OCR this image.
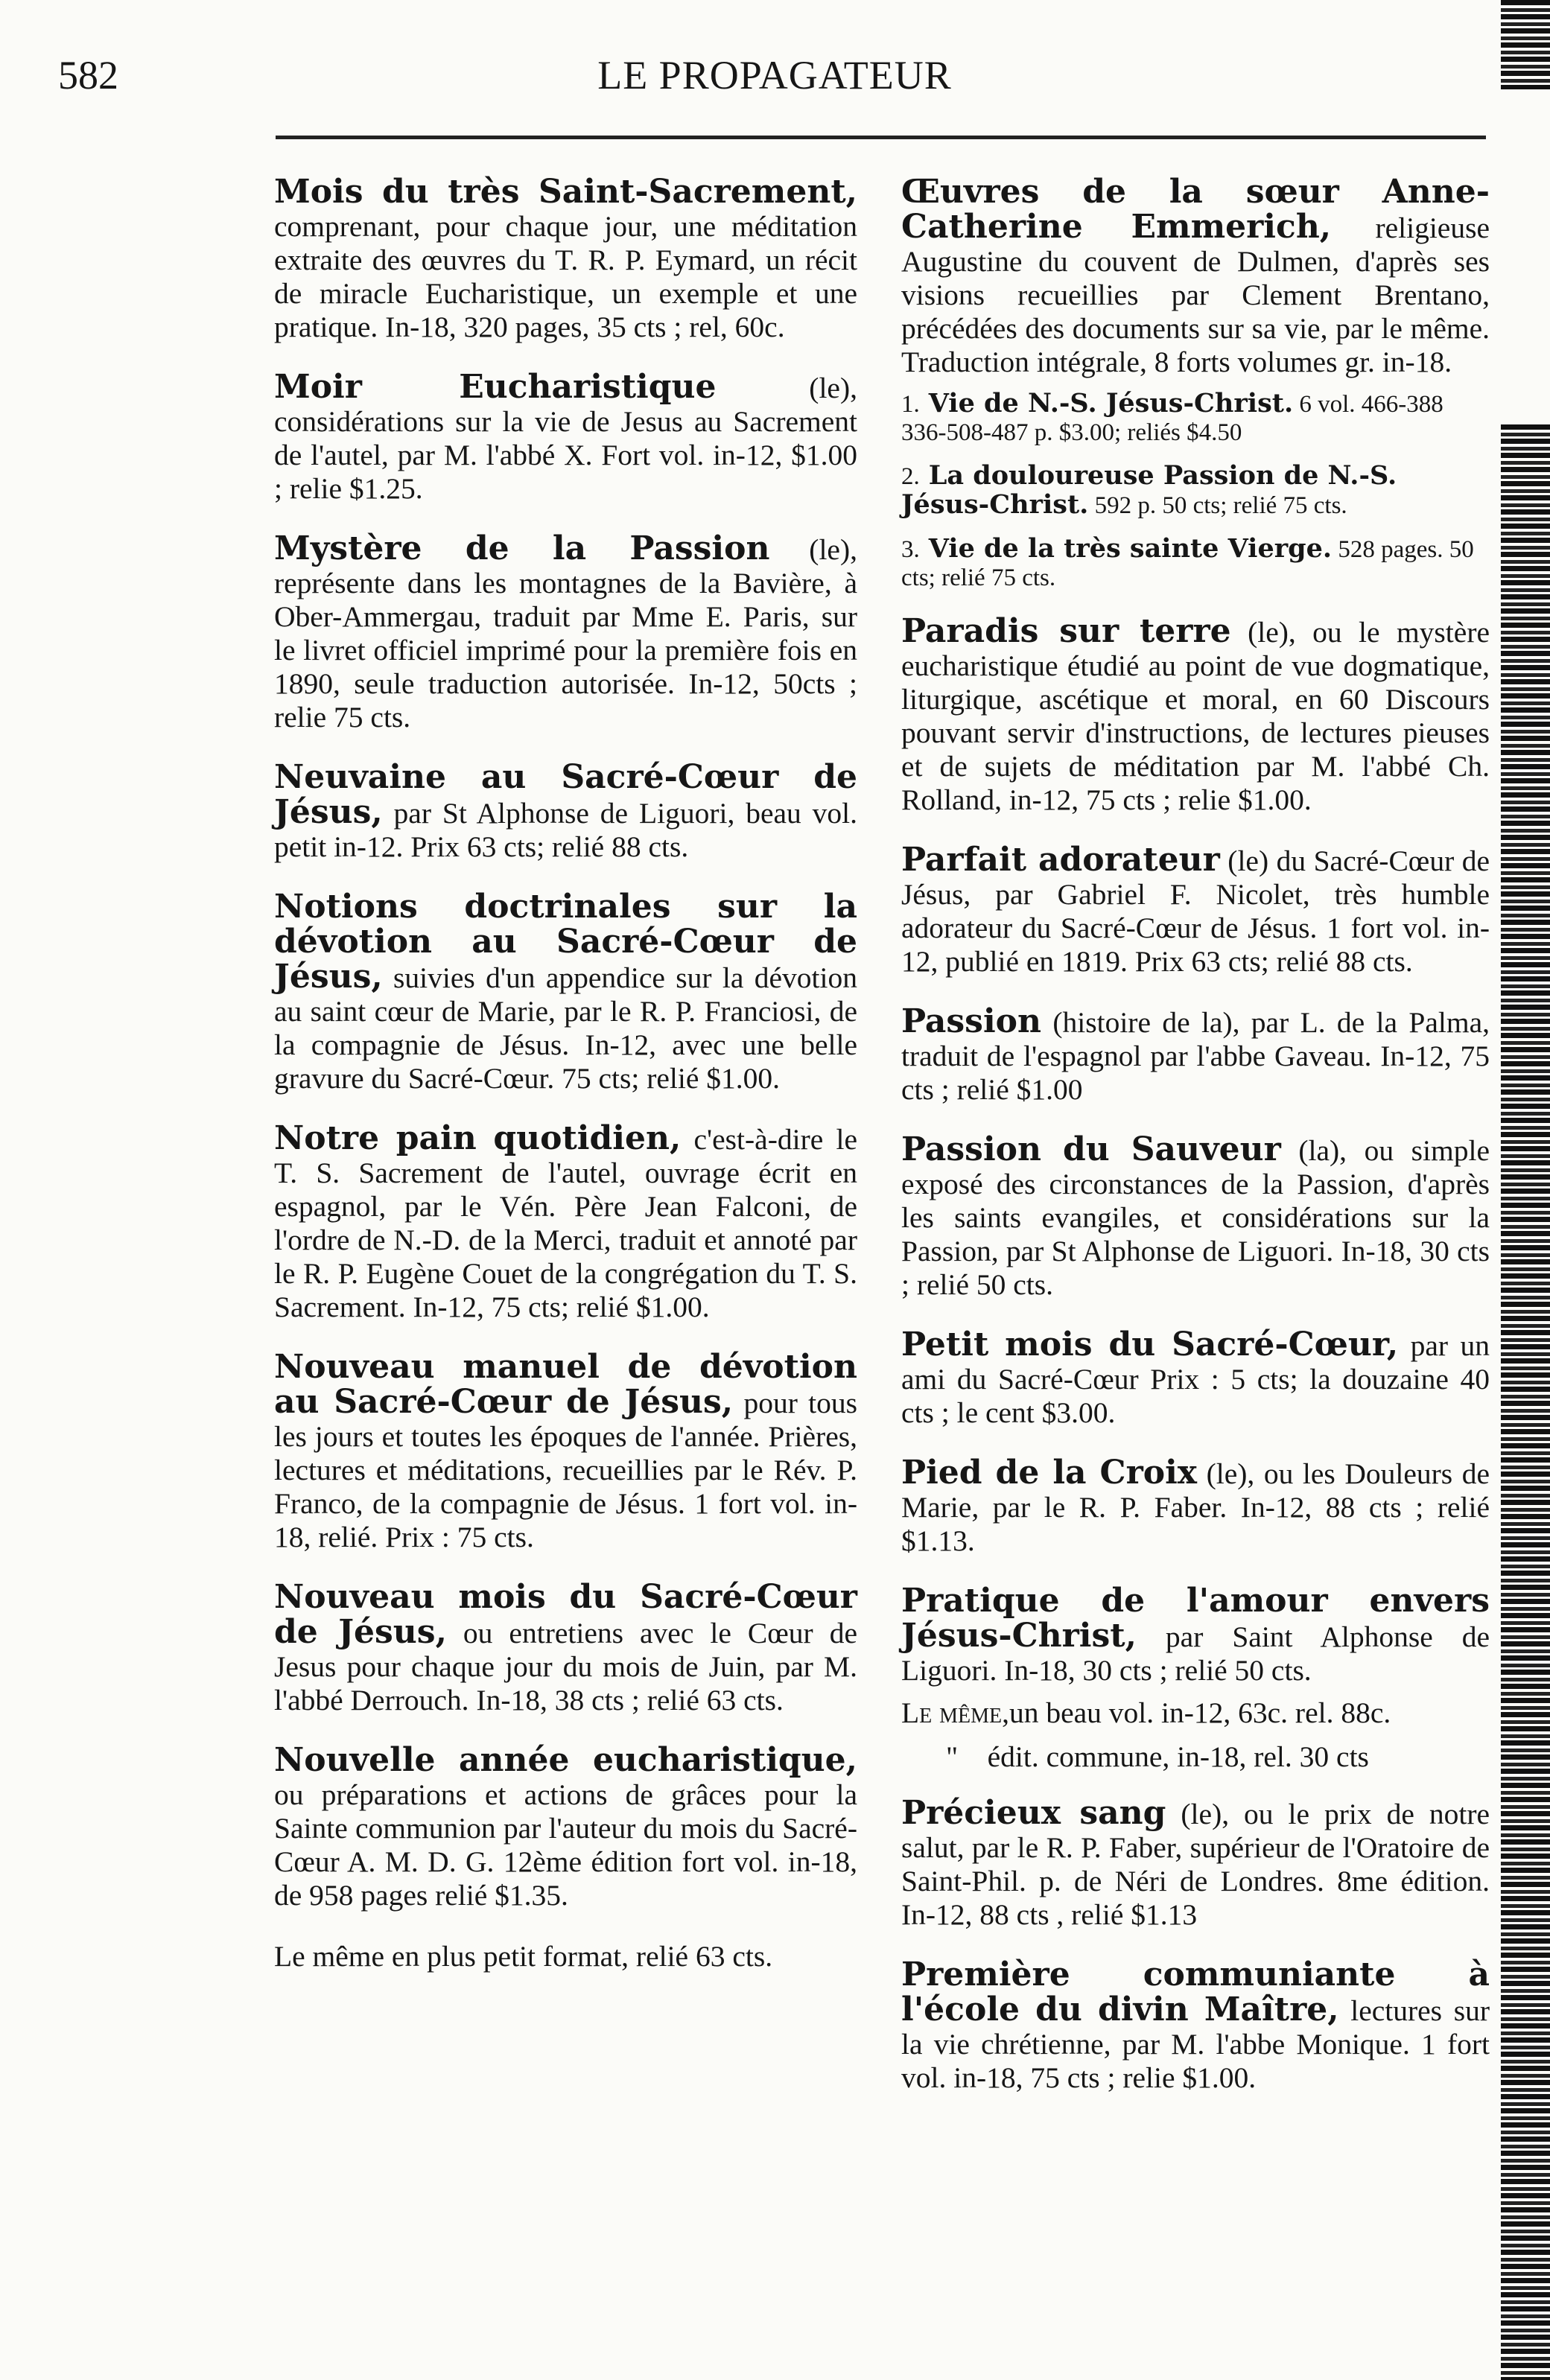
582	LE PROPAGATEUR

Mois du très Saint-Sacrement, comprenant, pour chaque jour, une méditation extraite des œuvres du T. R. P. Eymard, un récit de miracle Eucharistique, un exemple et une pratique. In-18, 320 pages, 35 cts ; rel, 60c.

Moir Eucharistique (le), considérations sur la vie de Jesus au Sacrement de l'autel, par M. l'abbé X. Fort vol. in-12, $1.00 ; relie $1.25.

Mystère de la Passion (le), représente dans les montagnes de la Bavière, à Ober-Ammergau, traduit par Mme E. Paris, sur le livret officiel imprimé pour la première fois en 1890, seule traduction autorisée. In-12, 50cts ; relie 75 cts.

Neuvaine au Sacré-Cœur de Jésus, par St Alphonse de Liguori, beau vol. petit in-12. Prix 63 cts; relié 88 cts.

Notions doctrinales sur la dévotion au Sacré-Cœur de Jésus, suivies d'un appendice sur la dévotion au saint cœur de Marie, par le R. P. Franciosi, de la compagnie de Jésus. In-12, avec une belle gravure du Sacré-Cœur. 75 cts; relié $1.00.

Notre pain quotidien, c'est-à-dire le T. S. Sacrement de l'autel, ouvrage écrit en espagnol, par le Vén. Père Jean Falconi, de l'ordre de N.-D. de la Merci, traduit et annoté par le R. P. Eugène Couet de la congrégation du T. S. Sacrement. In-12, 75 cts; relié $1.00.

Nouveau manuel de dévotion au Sacré-Cœur de Jésus, pour tous les jours et toutes les époques de l'année. Prières, lectures et méditations, recueillies par le Rév. P. Franco, de la compagnie de Jésus. 1 fort vol. in-18, relié. Prix : 75 cts.

Nouveau mois du Sacré-Cœur de Jésus, ou entretiens avec le Cœur de Jesus pour chaque jour du mois de Juin, par M. l'abbé Derrouch. In-18, 38 cts ; relié 63 cts.

Nouvelle année eucharistique, ou préparations et actions de grâces pour la Sainte communion par l'auteur du mois du Sacré-Cœur A. M. D. G. 12ème édition fort vol. in-18, de 958 pages relié $1.35.

Le même en plus petit format, relié 63 cts.

Œuvres de la sœur Anne-Catherine Emmerich, religieuse Augustine du couvent de Dulmen, d'après ses visions recueillies par Clement Brentano, précédées des documents sur sa vie, par le même. Traduction intégrale, 8 forts volumes gr. in-18.

1. Vie de N.-S. Jésus-Christ. 6 vol. 466-388 336-508-487 p. $3.00; reliés $4.50

2. La douloureuse Passion de N.-S. Jésus-Christ. 592 p. 50 cts; relié 75 cts.

3. Vie de la très sainte Vierge. 528 pages. 50 cts; relié 75 cts.

Paradis sur terre (le), ou le mystère eucharistique étudié au point de vue dogmatique, liturgique, ascétique et moral, en 60 Discours pouvant servir d'instructions, de lectures pieuses et de sujets de méditation par M. l'abbé Ch. Rolland, in-12, 75 cts ; relie $1.00.

Parfait adorateur (le) du Sacré-Cœur de Jésus, par Gabriel F. Nicolet, très humble adorateur du Sacré-Cœur de Jésus. 1 fort vol. in-12, publié en 1819. Prix 63 cts; relié 88 cts.

Passion (histoire de la), par L. de la Palma, traduit de l'espagnol par l'abbe Gaveau. In-12, 75 cts ; relié $1.00

Passion du Sauveur (la), ou simple exposé des circonstances de la Passion, d'après les saints evangiles, et considérations sur la Passion, par St Alphonse de Liguori. In-18, 30 cts ; relié 50 cts.

Petit mois du Sacré-Cœur, par un ami du Sacré-Cœur Prix : 5 cts; la douzaine 40 cts ; le cent $3.00.

Pied de la Croix (le), ou les Douleurs de Marie, par le R. P. Faber. In-12, 88 cts ; relié $1.13.

Pratique de l'amour envers Jésus-Christ, par Saint Alphonse de Liguori. In-18, 30 cts ; relié 50 cts.

Le même,un beau vol. in-12, 63c. rel. 88c.

" édit. commune, in-18, rel. 30 cts

Précieux sang (le), ou le prix de notre salut, par le R. P. Faber, supérieur de l'Oratoire de Saint-Phil. p. de Néri de Londres. 8me édition. In-12, 88 cts , relié $1.13

Première communiante à l'école du divin Maître, lectures sur la vie chrétienne, par M. l'abbe Monique. 1 fort vol. in-18, 75 cts ; relie $1.00.
